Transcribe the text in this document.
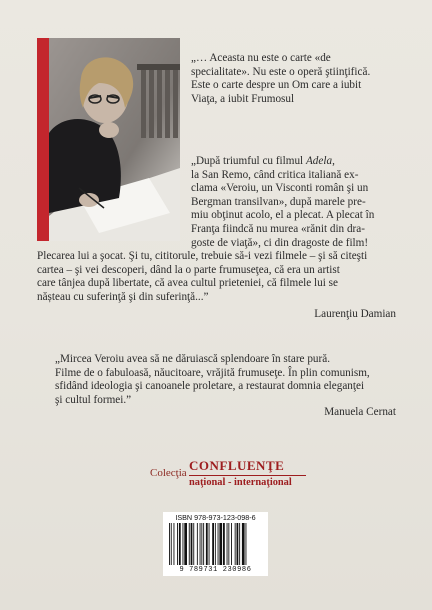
„… Aceasta nu este o carte «de
specialitate». Nu este o operă ştiinţifică.
Este o carte despre un Om care a iubit
Viaţa, a iubit Frumosul
„După triumful cu filmul Adela,
la San Remo, când critica italiană ex-
clama «Veroiu, un Visconti român şi un
Bergman transilvan», după marele pre-
miu obţinut acolo, el a plecat. A plecat în
Franţa fiindcă nu murea «rănit din dra-
goste de viaţă», ci din dragoste de film!
Plecarea lui a şocat. Şi tu, cititorule, trebuie să-i vezi filmele – şi să citeşti
cartea – şi vei descoperi, dând la o parte frumuseţea, că era un artist
care tânjea după libertate, că avea cultul prieteniei, că filmele lui se
nășteau cu suferinţă şi din suferinţă...”
Laurenţiu Damian
„Mircea Veroiu avea să ne dăruiască splendoare în stare pură.
Filme de o fabuloasă, năucitoare, vrăjită frumuseţe. În plin comunism,
sfidând ideologia şi canoanele proletare, a restaurat domnia eleganţei
şi cultul formei.”
Manuela Cernat
Colecţia CONFLUENŢE
naţional - internaţional
ISBN 978-973-123-098-6
9 789731 230986
